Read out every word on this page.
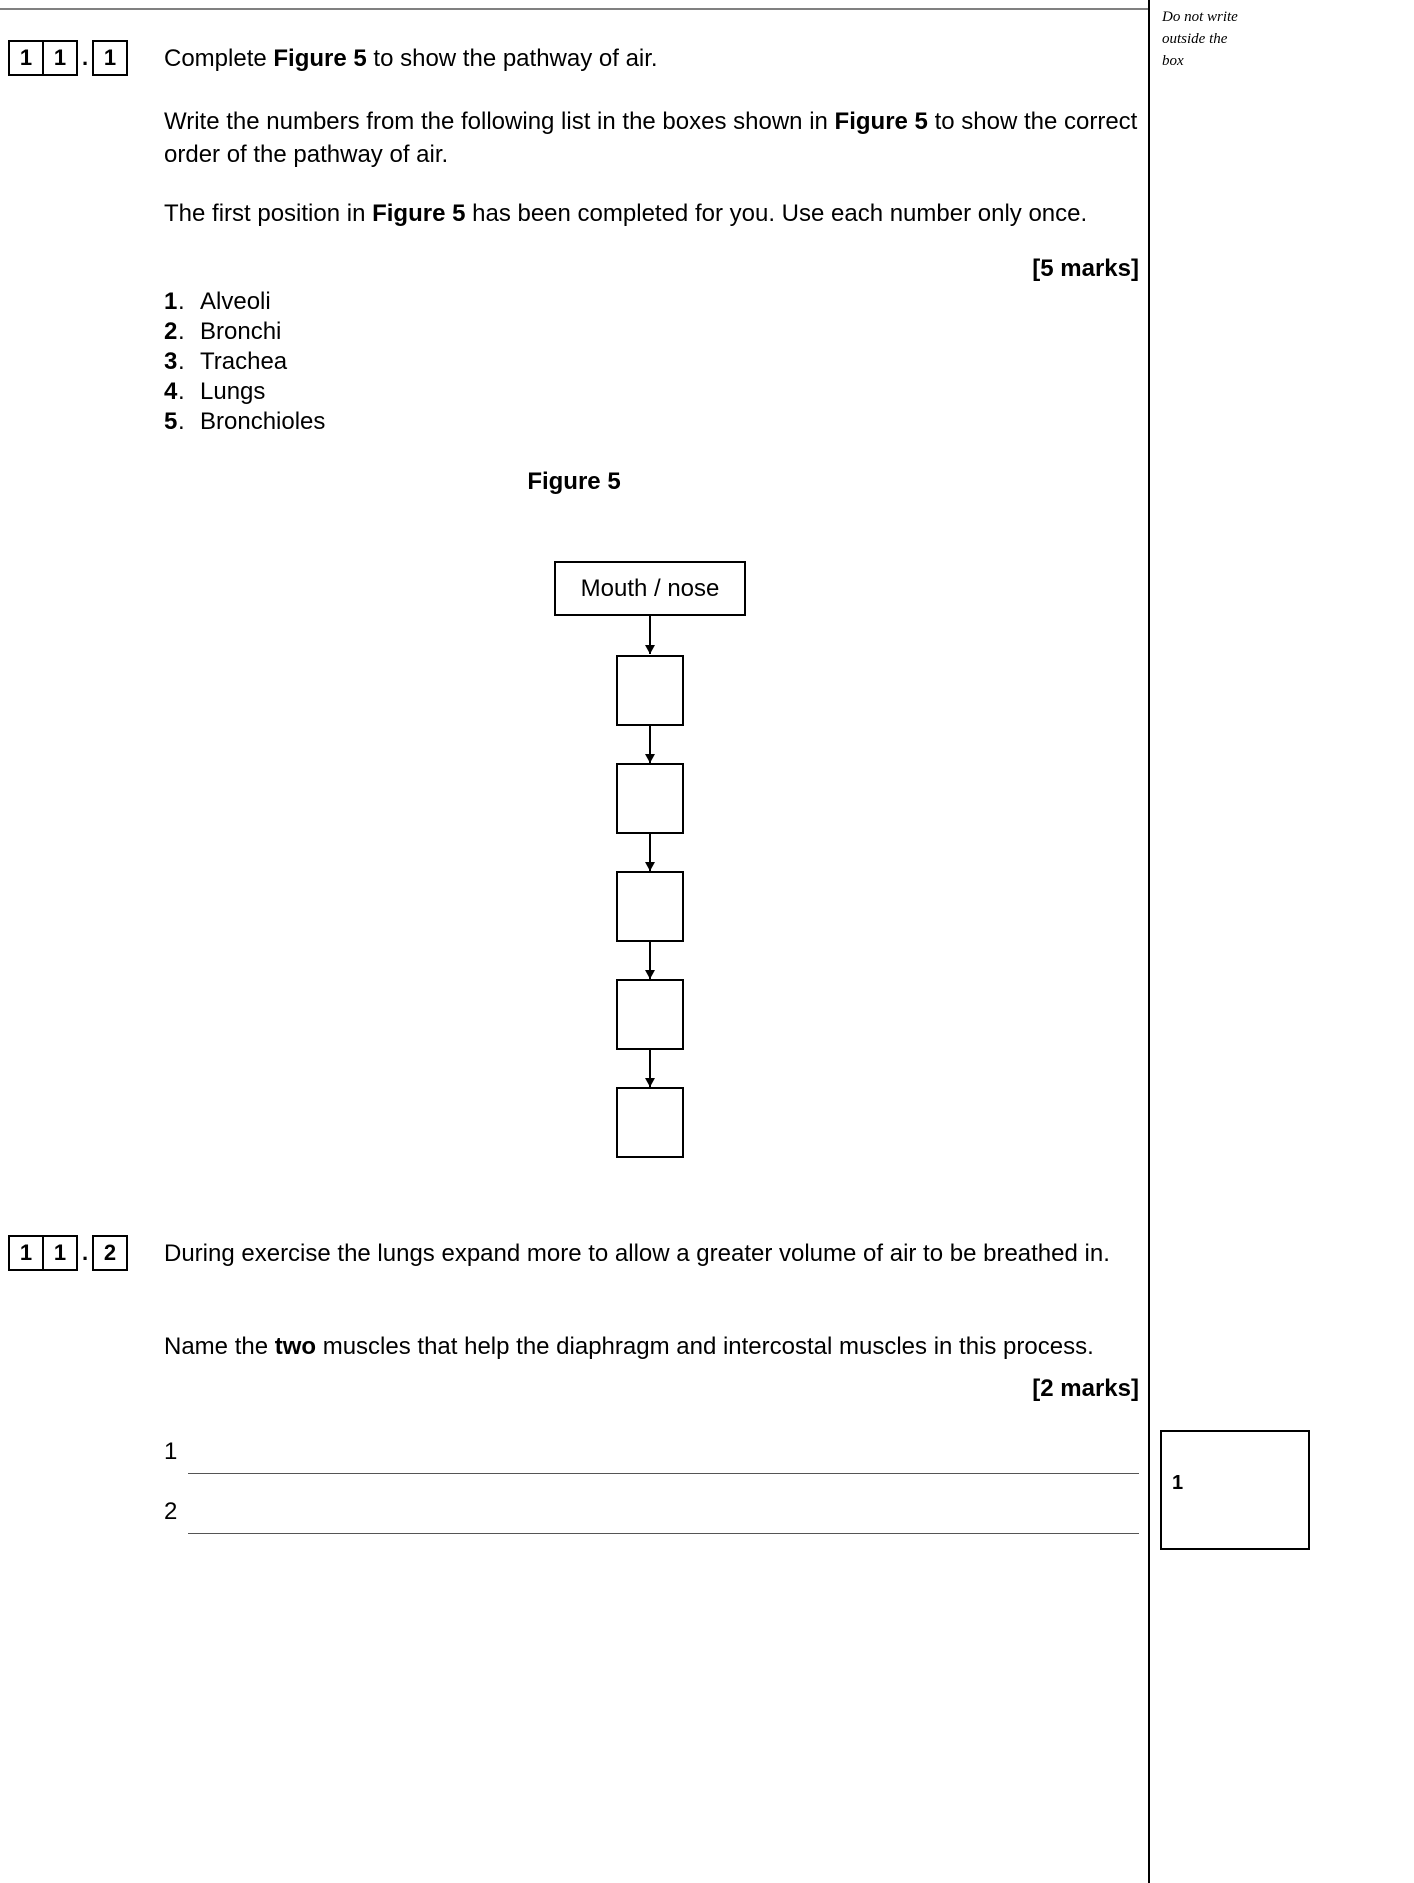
Do not write
outside the
box
1 1 . 1	Complete Figure 5 to show the pathway of air.

Write the numbers from the following list in the boxes shown in Figure 5 to show the correct order of the pathway of air.

The first position in Figure 5 has been completed for you. Use each number only once.

[5 marks]
1 . Alveoli
2 . Bronchi
3 . Trachea
4 . Lungs
5 . Bronchioles
Figure 5
Mouth / nose
1 1 . 2	During exercise the lungs expand more to allow a greater volume of air to be breathed in.

Name the two muscles that help the diaphragm and intercostal muscles in this process.

[2 marks]
1
2
1
